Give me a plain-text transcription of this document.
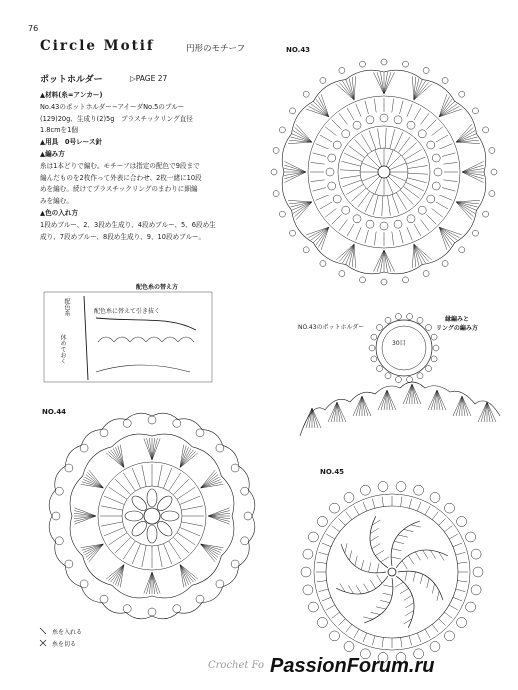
76
Circle Motif	円形のモチーフ
ポットホルダー	▷PAGE 27
▲材料(糸=アンカー)
No.43のポットホルダー−アイーダNo.5のブルー
(129)20g、生成り(2)5g　プラスチックリング直径
1.8cmを1個
▲用具　0号レース針
▲編み方
糸は1本どりで編む。モチーフは指定の配色で9段まで
編んだものを2枚作って外表に合わせ、2枚一緒に10段
めを編む。続けてプラスチックリングのまわりに細編
みを編む。
▲色の入れ方
1段めブルー、2、3段め生成り、4段めブルー、5、6段め生
成り、7段めブルー、8段め生成り、9、10段めブルー。
NO.43
NO.44
NO.45
NO.43のポットホルダー
縁編みと
リングの編み方
30目
配色糸の替え方
配色糸	配色糸に替えて引き抜く
休めておく
糸を入れる
糸を切る
Crochet Fo PassionForum.ru
